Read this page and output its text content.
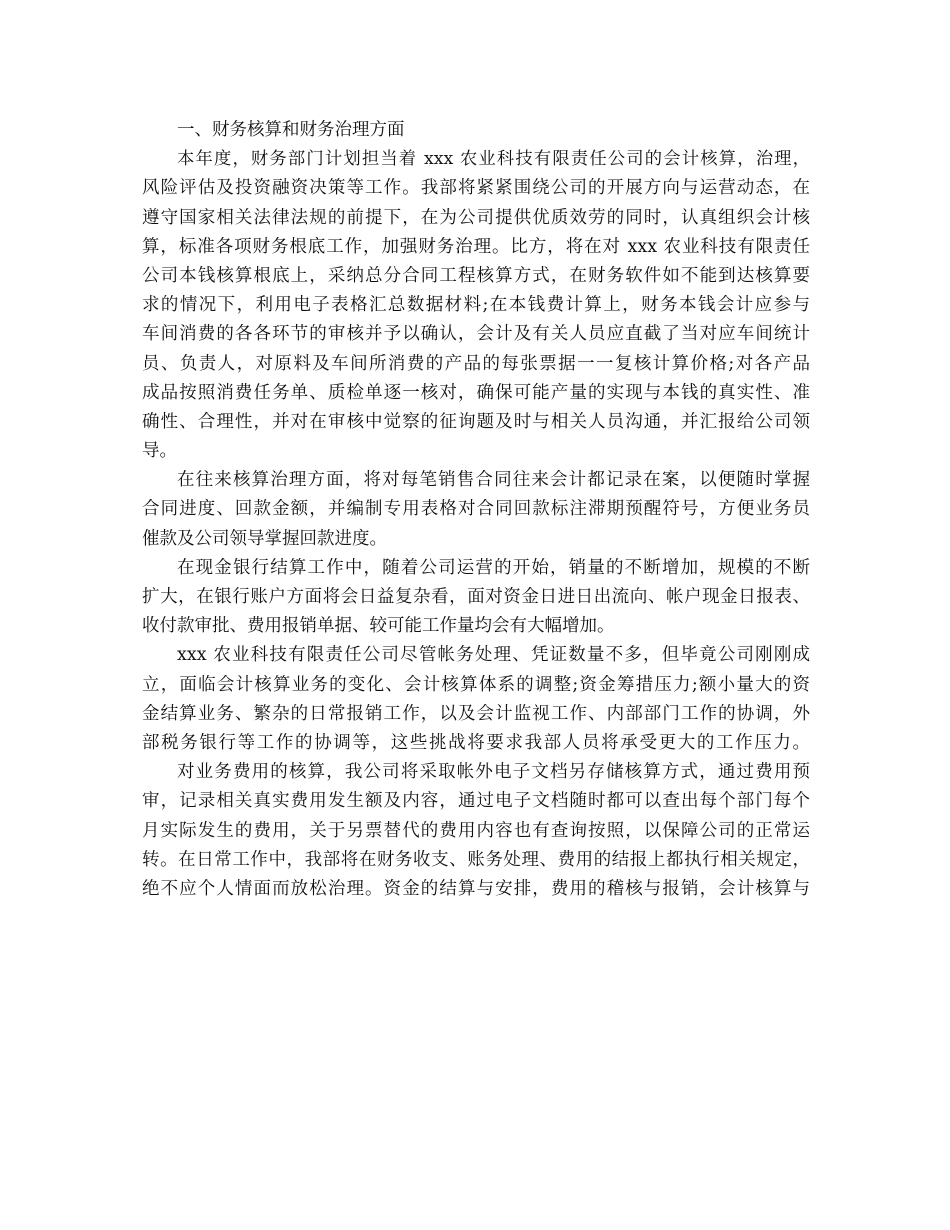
一、财务核算和财务治理方面
本年度，财务部门计划担当着 xxx 农业科技有限责任公司的会计核算，治理，
风险评估及投资融资决策等工作。我部将紧紧围绕公司的开展方向与运营动态，在
遵守国家相关法律法规的前提下，在为公司提供优质效劳的同时，认真组织会计核
算，标准各项财务根底工作，加强财务治理。比方，将在对 xxx 农业科技有限责任
公司本钱核算根底上，采纳总分合同工程核算方式，在财务软件如不能到达核算要
求的情况下，利用电子表格汇总数据材料;在本钱费计算上，财务本钱会计应参与
车间消费的各各环节的审核并予以确认，会计及有关人员应直截了当对应车间统计
员、负责人，对原料及车间所消费的产品的每张票据一一复核计算价格;对各产品
成品按照消费任务单、质检单逐一核对，确保可能产量的实现与本钱的真实性、准
确性、合理性，并对在审核中觉察的征询题及时与相关人员沟通，并汇报给公司领
导。
在往来核算治理方面，将对每笔销售合同往来会计都记录在案，以便随时掌握
合同进度、回款金额，并编制专用表格对合同回款标注滞期预醒符号，方便业务员
催款及公司领导掌握回款进度。
在现金银行结算工作中，随着公司运营的开始，销量的不断增加，规模的不断
扩大，在银行账户方面将会日益复杂看，面对资金日进日出流向、帐户现金日报表、
收付款审批、费用报销单据、较可能工作量均会有大幅增加。
xxx 农业科技有限责任公司尽管帐务处理、凭证数量不多，但毕竟公司刚刚成
立，面临会计核算业务的变化、会计核算体系的调整;资金筹措压力;额小量大的资
金结算业务、繁杂的日常报销工作，以及会计监视工作、内部部门工作的协调，外
部税务银行等工作的协调等，这些挑战将要求我部人员将承受更大的工作压力。
对业务费用的核算，我公司将采取帐外电子文档另存储核算方式，通过费用预
审，记录相关真实费用发生额及内容，通过电子文档随时都可以查出每个部门每个
月实际发生的费用，关于另票替代的费用内容也有查询按照，以保障公司的正常运
转。在日常工作中，我部将在财务收支、账务处理、费用的结报上都执行相关规定，
绝不应个人情面而放松治理。资金的结算与安排，费用的稽核与报销，会计核算与
